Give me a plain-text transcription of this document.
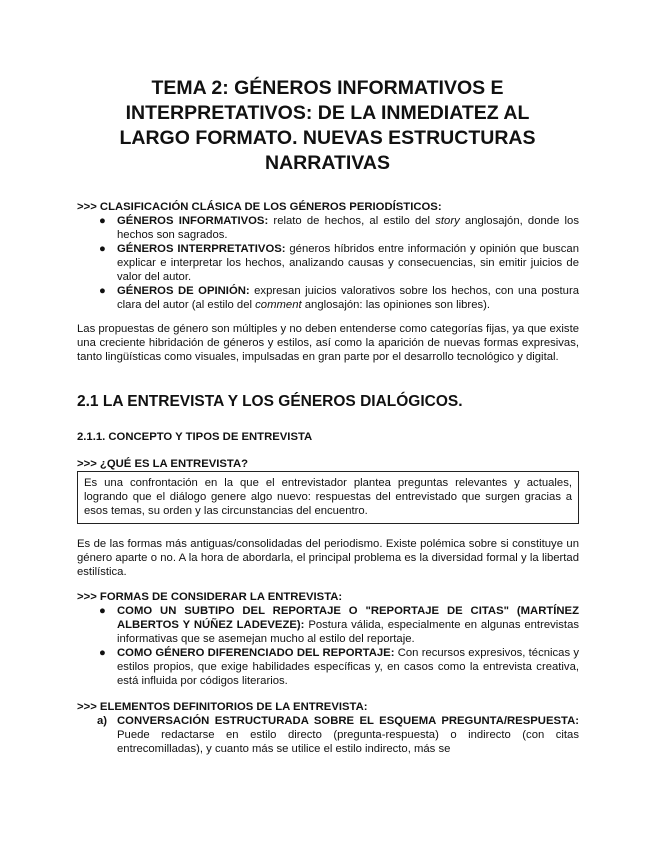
TEMA 2: GÉNEROS INFORMATIVOS E
INTERPRETATIVOS: DE LA INMEDIATEZ AL
LARGO FORMATO. NUEVAS ESTRUCTURAS
NARRATIVAS
>>> CLASIFICACIÓN CLÁSICA DE LOS GÉNEROS PERIODÍSTICOS:
● GÉNEROS INFORMATIVOS: relato de hechos, al estilo del story anglosajón, donde los hechos son sagrados.
● GÉNEROS INTERPRETATIVOS: géneros híbridos entre información y opinión que buscan explicar e interpretar los hechos, analizando causas y consecuencias, sin emitir juicios de valor del autor.
● GÉNEROS DE OPINIÓN: expresan juicios valorativos sobre los hechos, con una postura clara del autor (al estilo del comment anglosajón: las opiniones son libres).

Las propuestas de género son múltiples y no deben entenderse como categorías fijas, ya que existe una creciente hibridación de géneros y estilos, así como la aparición de nuevas formas expresivas, tanto lingüísticas como visuales, impulsadas en gran parte por el desarrollo tecnológico y digital.

2.1 LA ENTREVISTA Y LOS GÉNEROS DIALÓGICOS.
2.1.1. CONCEPTO Y TIPOS DE ENTREVISTA
>>> ¿QUÉ ES LA ENTREVISTA?
Es una confrontación en la que el entrevistador plantea preguntas relevantes y actuales, logrando que el diálogo genere algo nuevo: respuestas del entrevistado que surgen gracias a esos temas, su orden y las circunstancias del encuentro.

Es de las formas más antiguas/consolidadas del periodismo. Existe polémica sobre si constituye un género aparte o no. A la hora de abordarla, el principal problema es la diversidad formal y la libertad estilística.

>>> FORMAS DE CONSIDERAR LA ENTREVISTA:
● COMO UN SUBTIPO DEL REPORTAJE O "REPORTAJE DE CITAS" (MARTÍNEZ ALBERTOS Y NÚÑEZ LADEVEZE): Postura válida, especialmente en algunas entrevistas informativas que se asemejan mucho al estilo del reportaje.
● COMO GÉNERO DIFERENCIADO DEL REPORTAJE: Con recursos expresivos, técnicas y estilos propios, que exige habilidades específicas y, en casos como la entrevista creativa, está influida por códigos literarios.
>>> ELEMENTOS DEFINITORIOS DE LA ENTREVISTA:
a) CONVERSACIÓN ESTRUCTURADA SOBRE EL ESQUEMA PREGUNTA/RESPUESTA: Puede redactarse en estilo directo (pregunta-respuesta) o indirecto (con citas entrecomilladas), y cuanto más se utilice el estilo indirecto, más se
